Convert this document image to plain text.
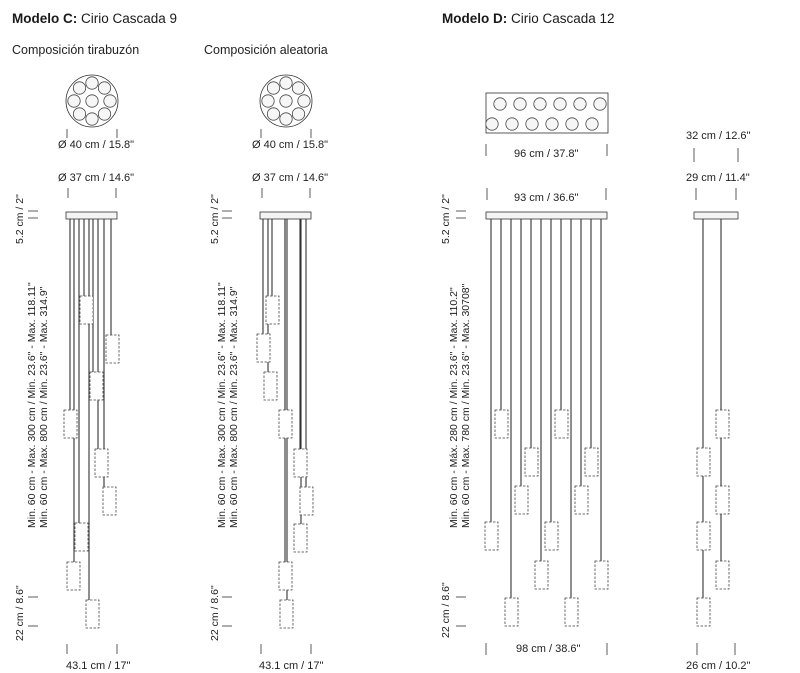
Modelo C: Cirio Cascada 9	Modelo D: Cirio Cascada 12
Composición tirabuzón	Composición aleatoria
Ø 40 cm / 15.8"
Ø 37 cm / 14.6"
Ø 40 cm / 15.8"
Ø 37 cm / 14.6"
43.1 cm / 17"	43.1 cm / 17"
96 cm / 37.8"
93 cm / 36.6"
98 cm / 38.6"
32 cm / 12.6"
29 cm / 11.4"
26 cm / 10.2"
5.2 cm / 2"
Min. 60 cm - Max. 300 cm / Min. 23.6" - Max. 118.11" Min. 60 cm - Max. 800 cm / Min. 23.6" - Max. 314.9"
22 cm / 8.6"
5.2 cm / 2"
Min. 60 cm - Max. 300 cm / Min. 23.6" - Max. 118.11" Min. 60 cm - Max. 800 cm / Min. 23.6" - Max. 314.9"
22 cm / 8.6"
5.2 cm / 2"
Min. 60 cm - Máx. 280 cm / Min. 23.6" - Max. 110.2" Min. 60 cm - Max. 780 cm / Min. 23.6" - Max. 30708"
22 cm / 8.6"
